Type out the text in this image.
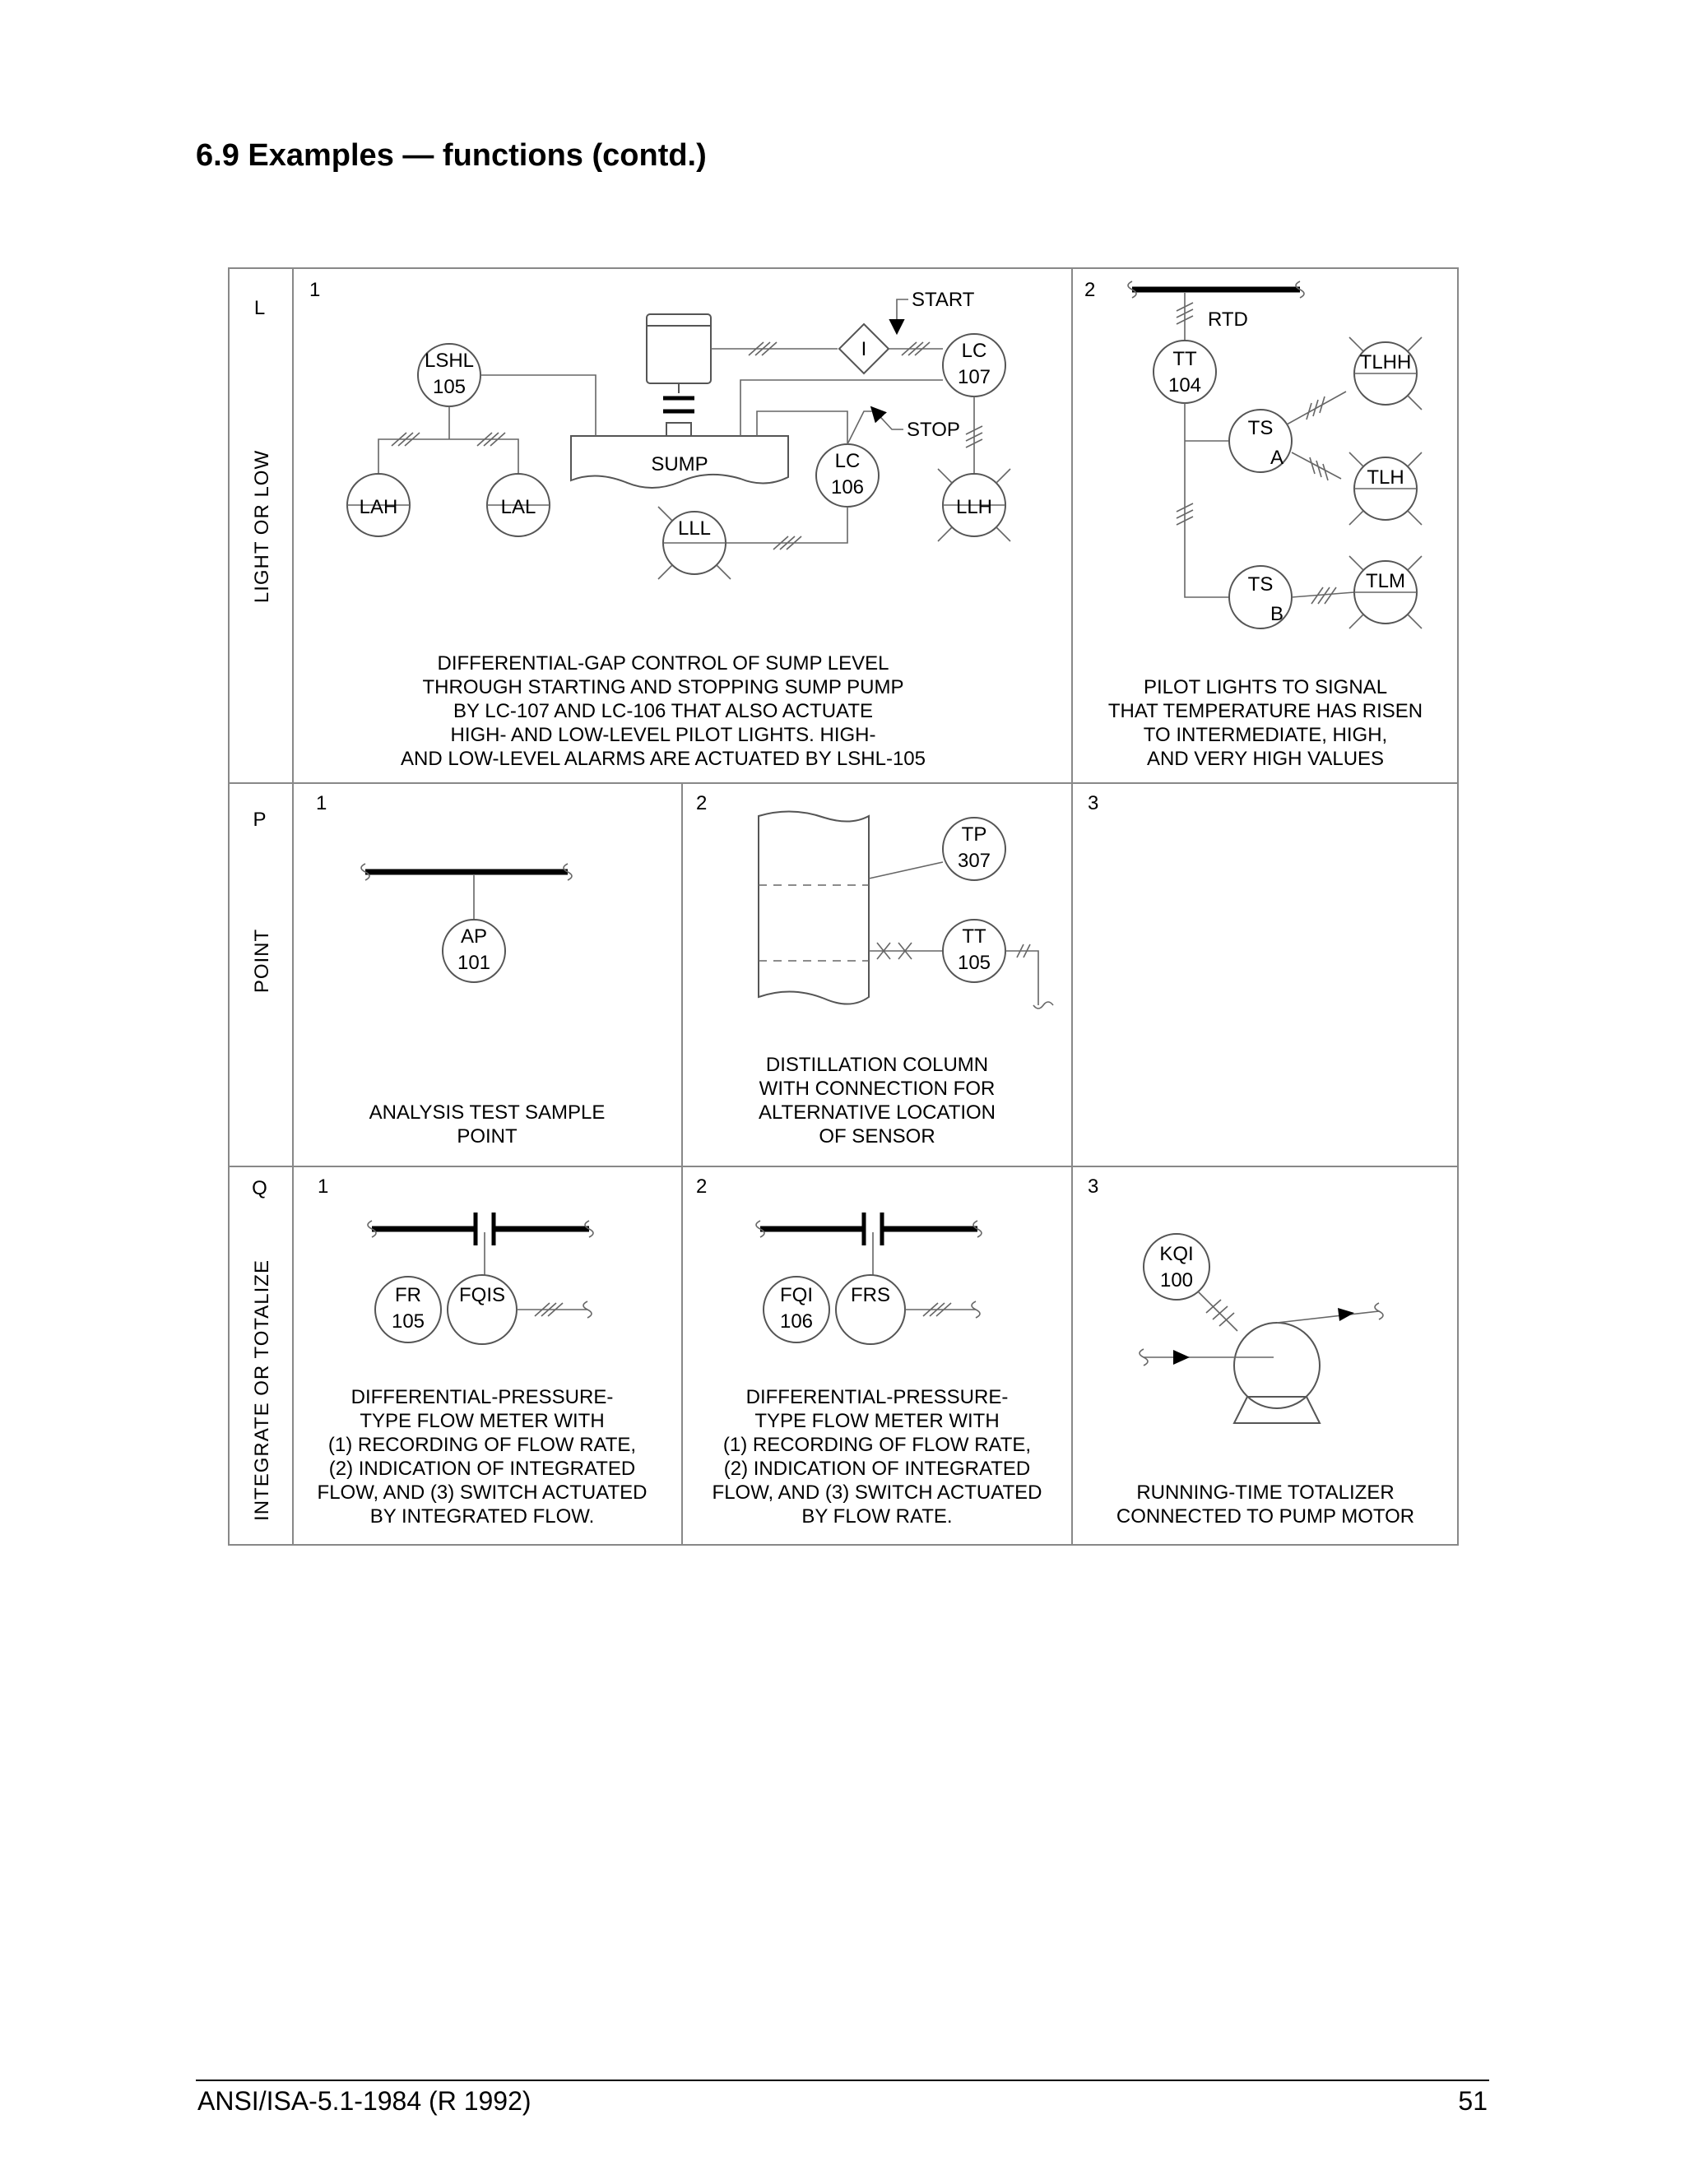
6.9 Examples — functions (contd.)
L
LIGHT OR LOW
P
POINT
Q
INTEGRATE OR TOTALIZE
1
SUMP
LSHL
105
LAH	LAL
I
START
STOP
LC
107
LLH
LC
106
LLL
DIFFERENTIAL-GAP CONTROL OF SUMP LEVEL
THROUGH STARTING AND STOPPING SUMP PUMP
BY LC-107 AND LC-106 THAT ALSO ACTUATE
HIGH- AND LOW-LEVEL PILOT LIGHTS. HIGH-
AND LOW-LEVEL ALARMS ARE ACTUATED BY LSHL-105
2
RTD
TT
104
TS
A
TS
B
TLHH
TLH
TLM
PILOT LIGHTS TO SIGNAL
THAT TEMPERATURE HAS RISEN
TO INTERMEDIATE, HIGH,
AND VERY HIGH VALUES
1
AP
101
ANALYSIS TEST SAMPLE
POINT
2
TP
307
TT
105
DISTILLATION COLUMN
WITH CONNECTION FOR
ALTERNATIVE LOCATION
OF SENSOR
3
1
FR
105
FQIS
DIFFERENTIAL-PRESSURE-
TYPE FLOW METER WITH
(1) RECORDING OF FLOW RATE,
(2) INDICATION OF INTEGRATED
FLOW, AND (3) SWITCH ACTUATED
BY INTEGRATED FLOW.
2
FQI
106
FRS
DIFFERENTIAL-PRESSURE-
TYPE FLOW METER WITH
(1) RECORDING OF FLOW RATE,
(2) INDICATION OF INTEGRATED
FLOW, AND (3) SWITCH ACTUATED
BY FLOW RATE.
3
KQI
100
RUNNING-TIME TOTALIZER
CONNECTED TO PUMP MOTOR
ANSI/ISA-5.1-1984 (R 1992)	51
